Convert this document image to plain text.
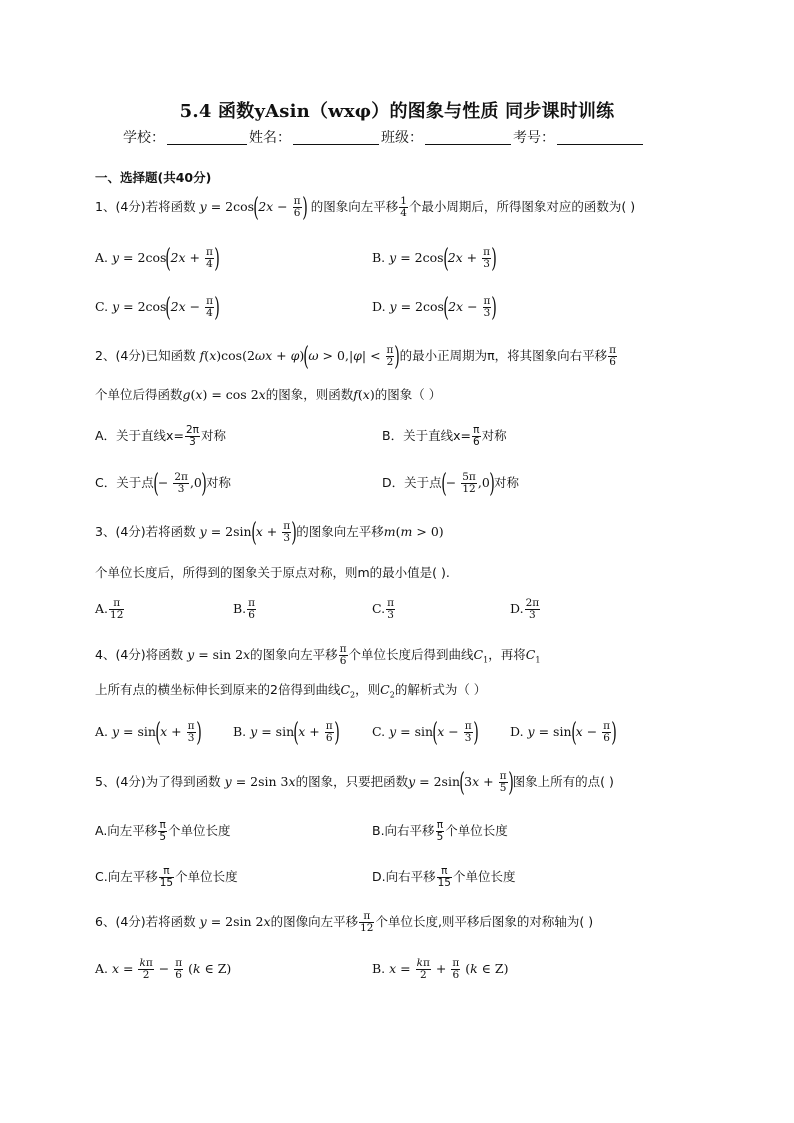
5.4 函数yAsin（wxφ）的图象与性质 同步课时训练
学校：	姓名：	班级：	考号：
一、选择题(共40分)
1、(4分)若将函数 $y = 2\cos(2x - \frac{\pi}{6}$ ) 的图象向左平移 $\frac{1}{4}$ 个最小周期后，所得图象对应的函数为( )
A. $y = 2\cos(2x + \frac{\pi}{4}$ )	B. $y = 2\cos(2x + \frac{\pi}{3}$ )
C. $y = 2\cos(2x - \frac{\pi}{4}$ )	D. $y = 2\cos(2x - \frac{\pi}{3}$ )
2、(4分)已知函数 $f(x)\cos(2\omega x + \varphi)(\omega > 0,|\varphi| < \frac{\pi}{2}$ )的最小正周期为π，将其图象向右平移 $\frac{\pi}{6}$
个单位后得函数g(x) = cos 2x的图象，则函数f(x)的图象（ ）
A．关于直线$x= \frac{2\pi}{3}$ 对称	B．关于直线$x= \frac{\pi}{6}$ 对称
C．关于点(− $\frac{2\pi}{3} ,0$)对称	D．关于点(− $\frac{5\pi}{12} ,0$)对称
3、(4分)若将函数 $y = 2\sin(x + \frac{\pi}{3}$ )的图象向左平移m(m > 0)
个单位长度后，所得到的图象关于原点对称，则m的最小值是( ).
A. $\frac{\pi}{12}$	B. $\frac{\pi}{6}$	C. $\frac{\pi}{3}$	D. $\frac{2\pi}{3}$
4、(4分)将函数 y = sin 2x的图象向左平移 $\frac{\pi}{6}$ 个单位长度后得到曲线$C_1$，再将$C_1$
上所有点的横坐标伸长到原来的2倍得到曲线$C_2$，则$C_2$的解析式为（ ）
A. $y = \sin(x + \frac{\pi}{3}$ )	B. $y = \sin(x + \frac{\pi}{6}$ )	C. $y = \sin(x - \frac{\pi}{3}$ )	D. $y = \sin(x - \frac{\pi}{6}$ )
5、(4分)为了得到函数 y = 2sin 3x的图象，只要把函数$y = 2\sin(3x + \frac{\pi}{5}$ )图象上所有的点( )
A.向左平移 $\frac{\pi}{5}$ 个单位长度	B.向右平移 $\frac{\pi}{5}$ 个单位长度
C.向左平移 $\frac{\pi}{15}$ 个单位长度	D.向右平移 $\frac{\pi}{15}$ 个单位长度
6、(4分)若将函数 y = 2sin 2x的图像向左平移 $\frac{\pi}{12}$ 个单位长度,则平移后图象的对称轴为( )
A. $x = \frac{k\pi}{2} - \frac{\pi}{6} (k$ ∈ Z)	B. $x = \frac{k\pi}{2} + \frac{\pi}{6} (k$ ∈ Z)
